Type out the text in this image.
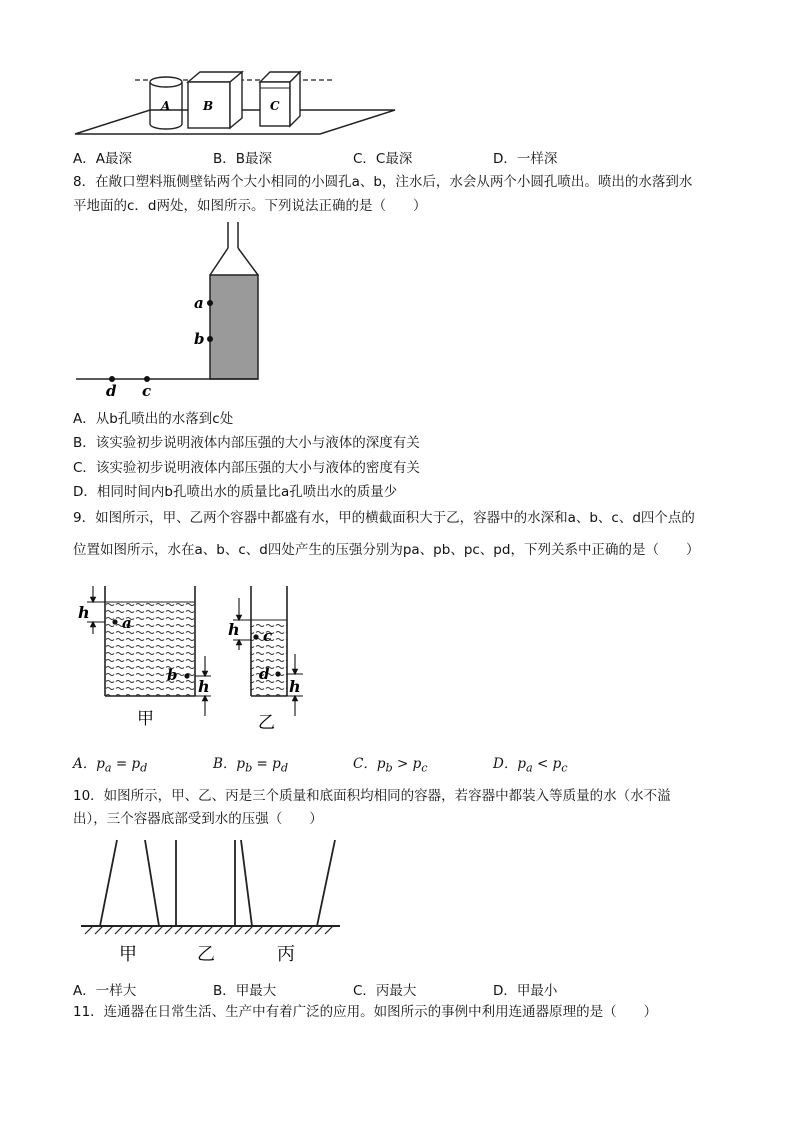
A	B	C
A．A最深	B．B最深	C．C最深	D．一样深
8．在敞口塑料瓶侧壁钻两个大小相同的小圆孔a、b，注水后，水会从两个小圆孔喷出。喷出的水落到水
平地面的c．d两处，如图所示。下列说法正确的是（　　）
a
b
d c
A．从b孔喷出的水落到c处
B．该实验初步说明液体内部压强的大小与液体的深度有关
C．该实验初步说明液体内部压强的大小与液体的密度有关
D．相同时间内b孔喷出水的质量比a孔喷出水的质量少
9．如图所示，甲、乙两个容器中都盛有水，甲的横截面积大于乙，容器中的水深和a、b、c、d四个点的
位置如图所示，水在a、b、c、d四处产生的压强分别为pa、pb、pc、pd，下列关系中正确的是（　　）
h
a
b
h
甲
h c
d
h
乙
A．$p_a = p_d$	B．$p_b = p_d$	C．$p_b > p_c$	D．$p_a < p_c$
10．如图所示，甲、乙、丙是三个质量和底面积均相同的容器，若容器中都装入等质量的水（水不溢
出），三个容器底部受到水的压强（　　）
甲	乙	丙
A．一样大	B．甲最大	C．丙最大	D．甲最小
11．连通器在日常生活、生产中有着广泛的应用。如图所示的事例中利用连通器原理的是（　　）
